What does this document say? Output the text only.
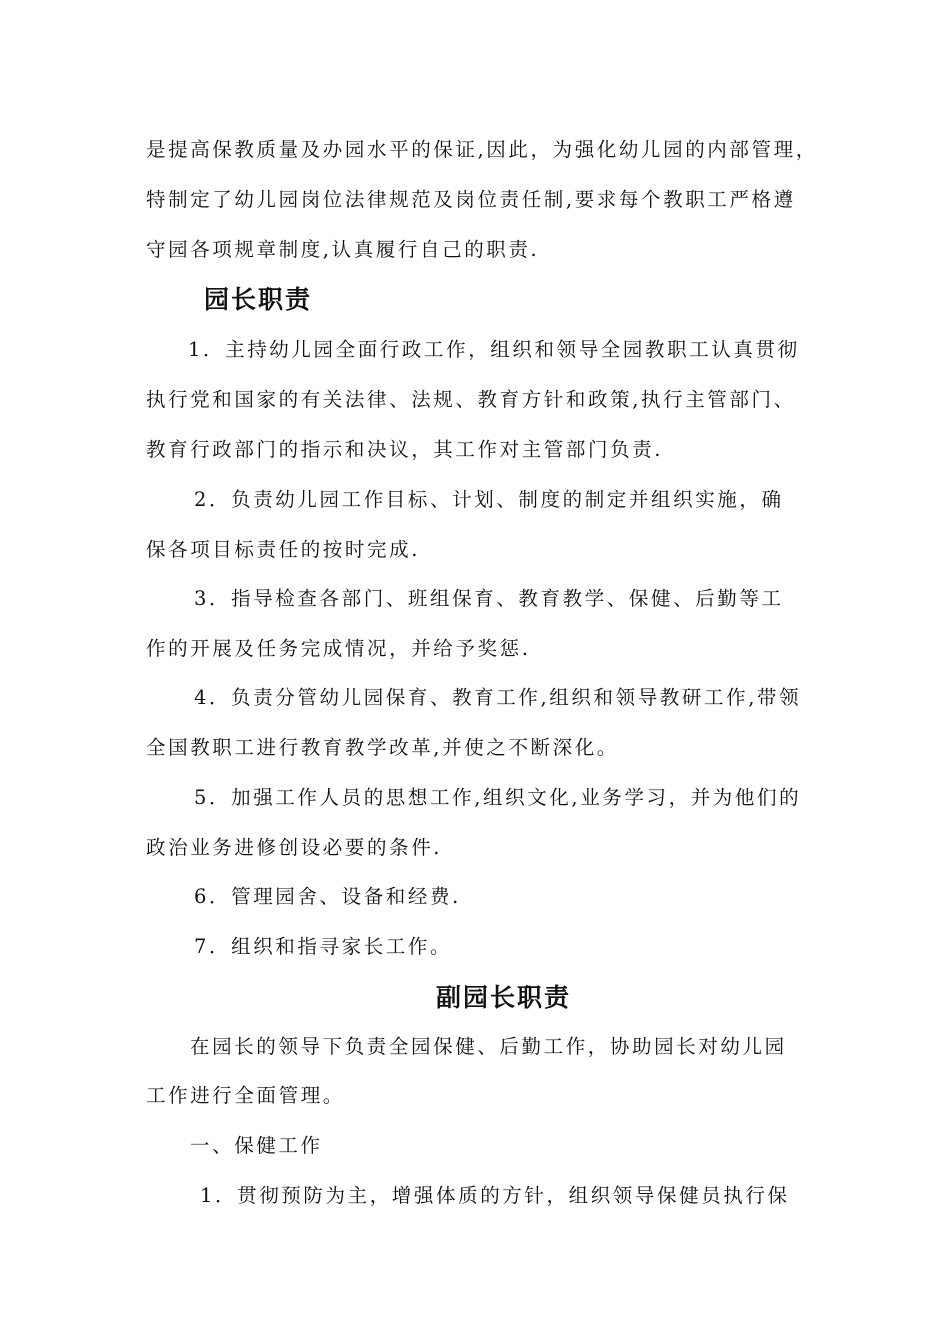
是提高保教质量及办园水平的保证,因此，为强化幼儿园的内部管理，
特制定了幼儿园岗位法律规范及岗位责任制,要求每个教职工严格遵
守园各项规章制度,认真履行自己的职责.
园长职责
1．主持幼儿园全面行政工作，组织和领导全园教职工认真贯彻
执行党和国家的有关法律、法规、教育方针和政策,执行主管部门、
教育行政部门的指示和决议，其工作对主管部门负责.
2．负责幼儿园工作目标、计划、制度的制定并组织实施，确
保各项目标责任的按时完成.
3．指导检查各部门、班组保育、教育教学、保健、后勤等工
作的开展及任务完成情况，并给予奖惩.
4．负责分管幼儿园保育、教育工作,组织和领导教研工作,带领
全国教职工进行教育教学改革,并使之不断深化。
5．加强工作人员的思想工作,组织文化,业务学习，并为他们的
政治业务进修创设必要的条件.
6．管理园舍、设备和经费.
7．组织和指寻家长工作。
副园长职责
在园长的领导下负责全园保健、后勤工作，协助园长对幼儿园
工作进行全面管理。
一、保健工作
1．贯彻预防为主，增强体质的方针，组织领导保健员执行保
